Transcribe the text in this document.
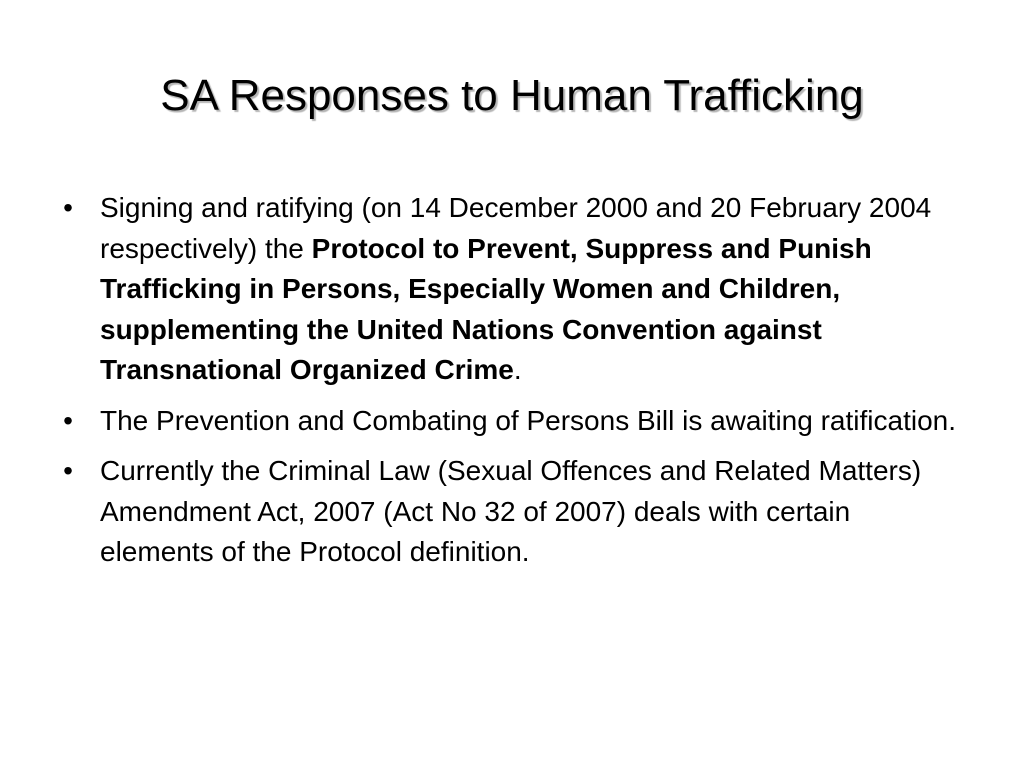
SA Responses to Human Trafficking
• Signing and ratifying (on 14 December 2000 and 20 February 2004 respectively) the Protocol to Prevent, Suppress and Punish Trafficking in Persons, Especially Women and Children, supplementing the United Nations Convention against Transnational Organized Crime.
• The Prevention and Combating of Persons Bill is awaiting ratification.
• Currently the Criminal Law (Sexual Offences and Related Matters) Amendment Act, 2007 (Act No 32 of 2007) deals with certain elements of the Protocol definition.
